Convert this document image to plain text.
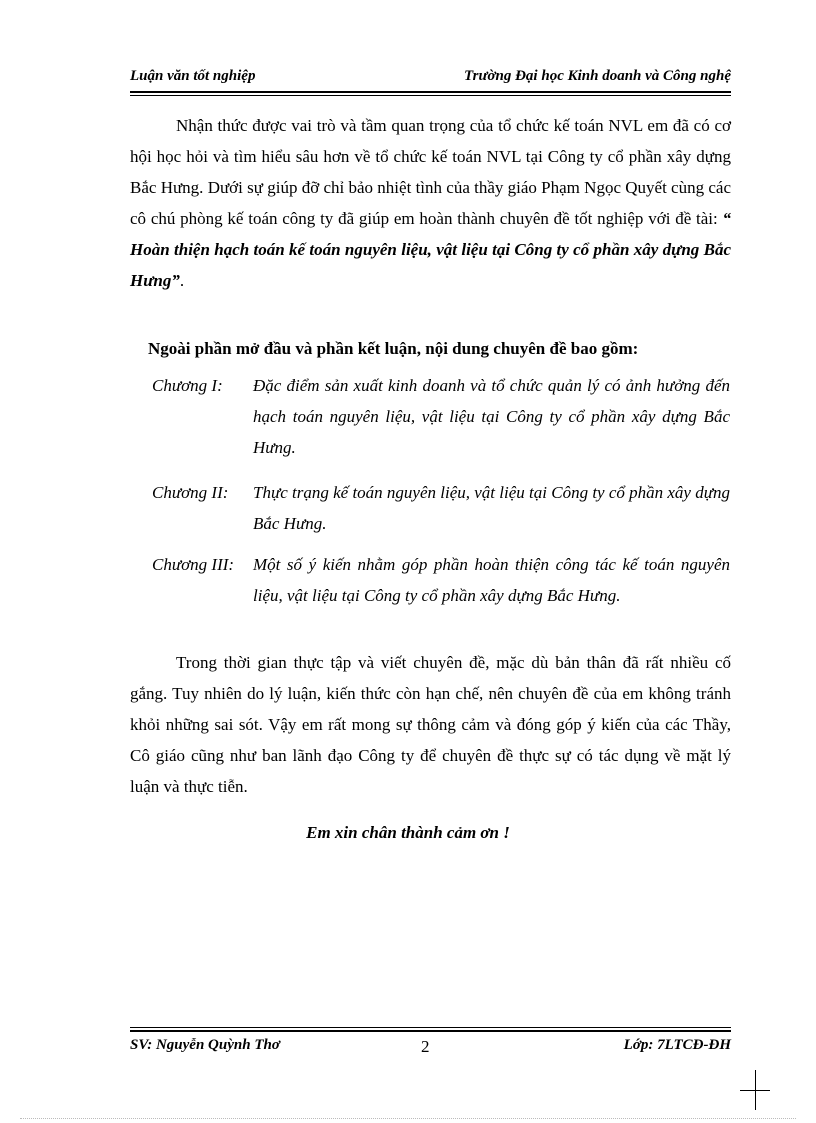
Luận văn tốt nghiệp	Trường Đại học Kinh doanh và Công nghệ
Nhận thức được vai trò và tầm quan trọng của tổ chức kế toán NVL em đã có cơ hội học hỏi và tìm hiểu sâu hơn về tổ chức kế toán NVL tại Công ty cổ phần xây dựng Bắc Hưng. Dưới sự giúp đỡ chỉ bảo nhiệt tình của thầy giáo Phạm Ngọc Quyết cùng các cô chú phòng kế toán công ty đã giúp em hoàn thành chuyên đề tốt nghiệp với đề tài: “ Hoàn thiện hạch toán kế toán nguyên liệu, vật liệu tại Công ty cổ phần xây dựng Bắc Hưng”.
Ngoài phần mở đầu và phần kết luận, nội dung chuyên đề bao gồm:
Chương I: Đặc điểm sản xuất kinh doanh và tổ chức quản lý có ảnh hưởng đến hạch toán nguyên liệu, vật liệu tại Công ty cổ phần xây dựng Bắc Hưng.
Chương II: Thực trạng kế toán nguyên liệu, vật liệu tại Công ty cổ phần xây dựng Bắc Hưng.
Chương III: Một số ý kiến nhằm góp phần hoàn thiện công tác kế toán nguyên liệu, vật liệu tại Công ty cổ phần xây dựng Bắc Hưng.
Trong thời gian thực tập và viết chuyên đề, mặc dù bản thân đã rất nhiều cố gắng. Tuy nhiên do lý luận, kiến thức còn hạn chế, nên chuyên đề của em không tránh khỏi những sai sót. Vậy em rất mong sự thông cảm và đóng góp ý kiến của các Thầy, Cô giáo cũng như ban lãnh đạo Công ty để chuyên đề thực sự có tác dụng về mặt lý luận và thực tiễn.
Em xin chân thành cảm ơn !
SV: Nguyễn Quỳnh Thơ	2	Lớp: 7LTCĐ-ĐH
